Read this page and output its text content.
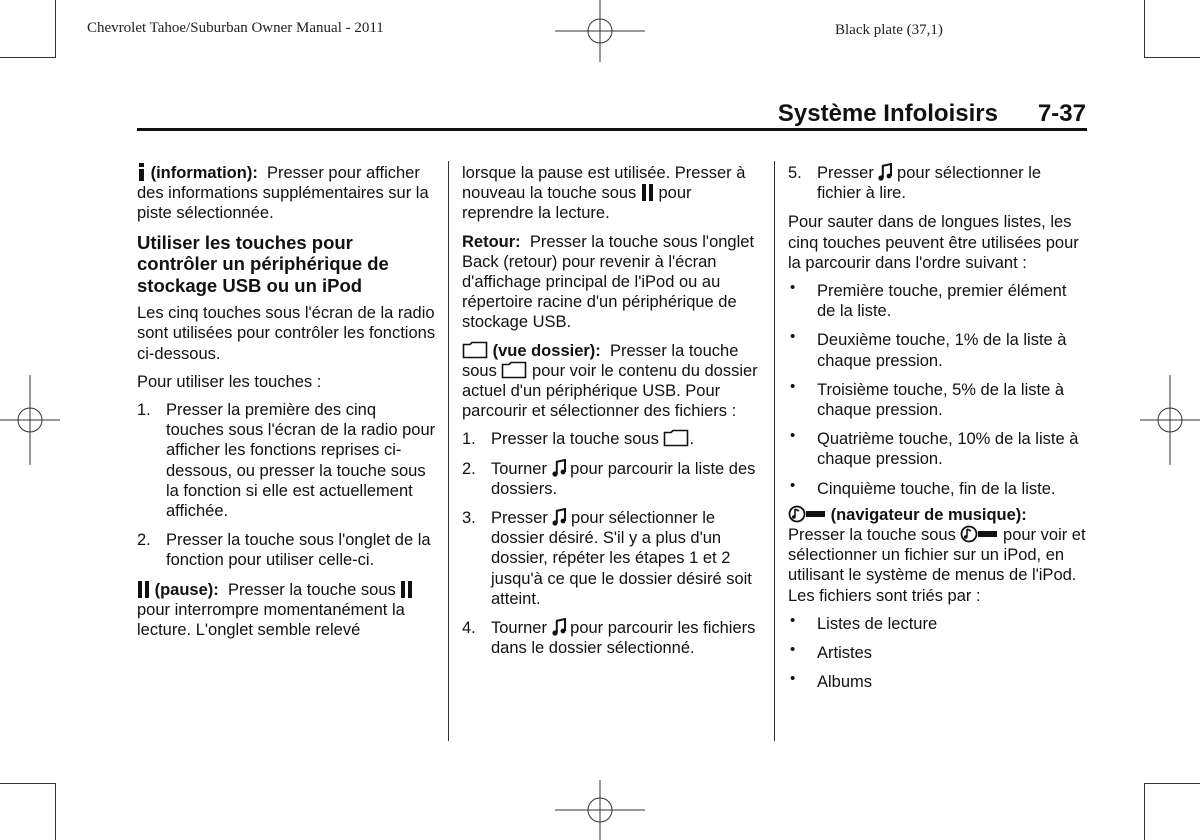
Chevrolet Tahoe/Suburban Owner Manual - 2011	Black plate (37,1)
Système Infoloisirs 7-37

(information): Presser pour afficher des informations supplémentaires sur la piste sélectionnée.

Utiliser les touches pour contrôler un périphérique de stockage USB ou un iPod

Les cinq touches sous l'écran de la radio sont utilisées pour contrôler les fonctions ci-dessous.

Pour utiliser les touches :

1. Presser la première des cinq touches sous l'écran de la radio pour afficher les fonctions reprises ci-dessous, ou presser la touche sous la fonction si elle est actuellement affichée.
2. Presser la touche sous l'onglet de la fonction pour utiliser celle-ci.

(pause): Presser la touche sous  pour interrompre momentanément la lecture. L'onglet semble relevé

lorsque la pause est utilisée. Presser à nouveau la touche sous pour reprendre la lecture.

Retour: Presser la touche sous l'onglet Back (retour) pour revenir à l'écran d'affichage principal de l'iPod ou au répertoire racine d'un périphérique de stockage USB.

(vue dossier): Presser la touche sous pour voir le contenu du dossier actuel d'un périphérique USB. Pour parcourir et sélectionner des fichiers :

1. Presser la touche sous .
2. Tourner pour parcourir la liste des dossiers.
3. Presser pour sélectionner le dossier désiré. S'il y a plus d'un dossier, répéter les étapes 1 et 2 jusqu'à ce que le dossier désiré soit atteint.
4. Tourner pour parcourir les fichiers dans le dossier sélectionné.
5. Presser pour sélectionner le fichier à lire.

Pour sauter dans de longues listes, les cinq touches peuvent être utilisées pour la parcourir dans l'ordre suivant :

• Première touche, premier élément de la liste.
• Deuxième touche, 1% de la liste à chaque pression.
• Troisième touche, 5% de la liste à chaque pression.
• Quatrième touche, 10% de la liste à chaque pression.
• Cinquième touche, fin de la liste.

(navigateur de musique):
Presser la touche sous	pour voir et sélectionner un fichier sur un iPod, en utilisant le système de menus de l'iPod. Les fichiers sont triés par :

• Listes de lecture
• Artistes
• Albums
